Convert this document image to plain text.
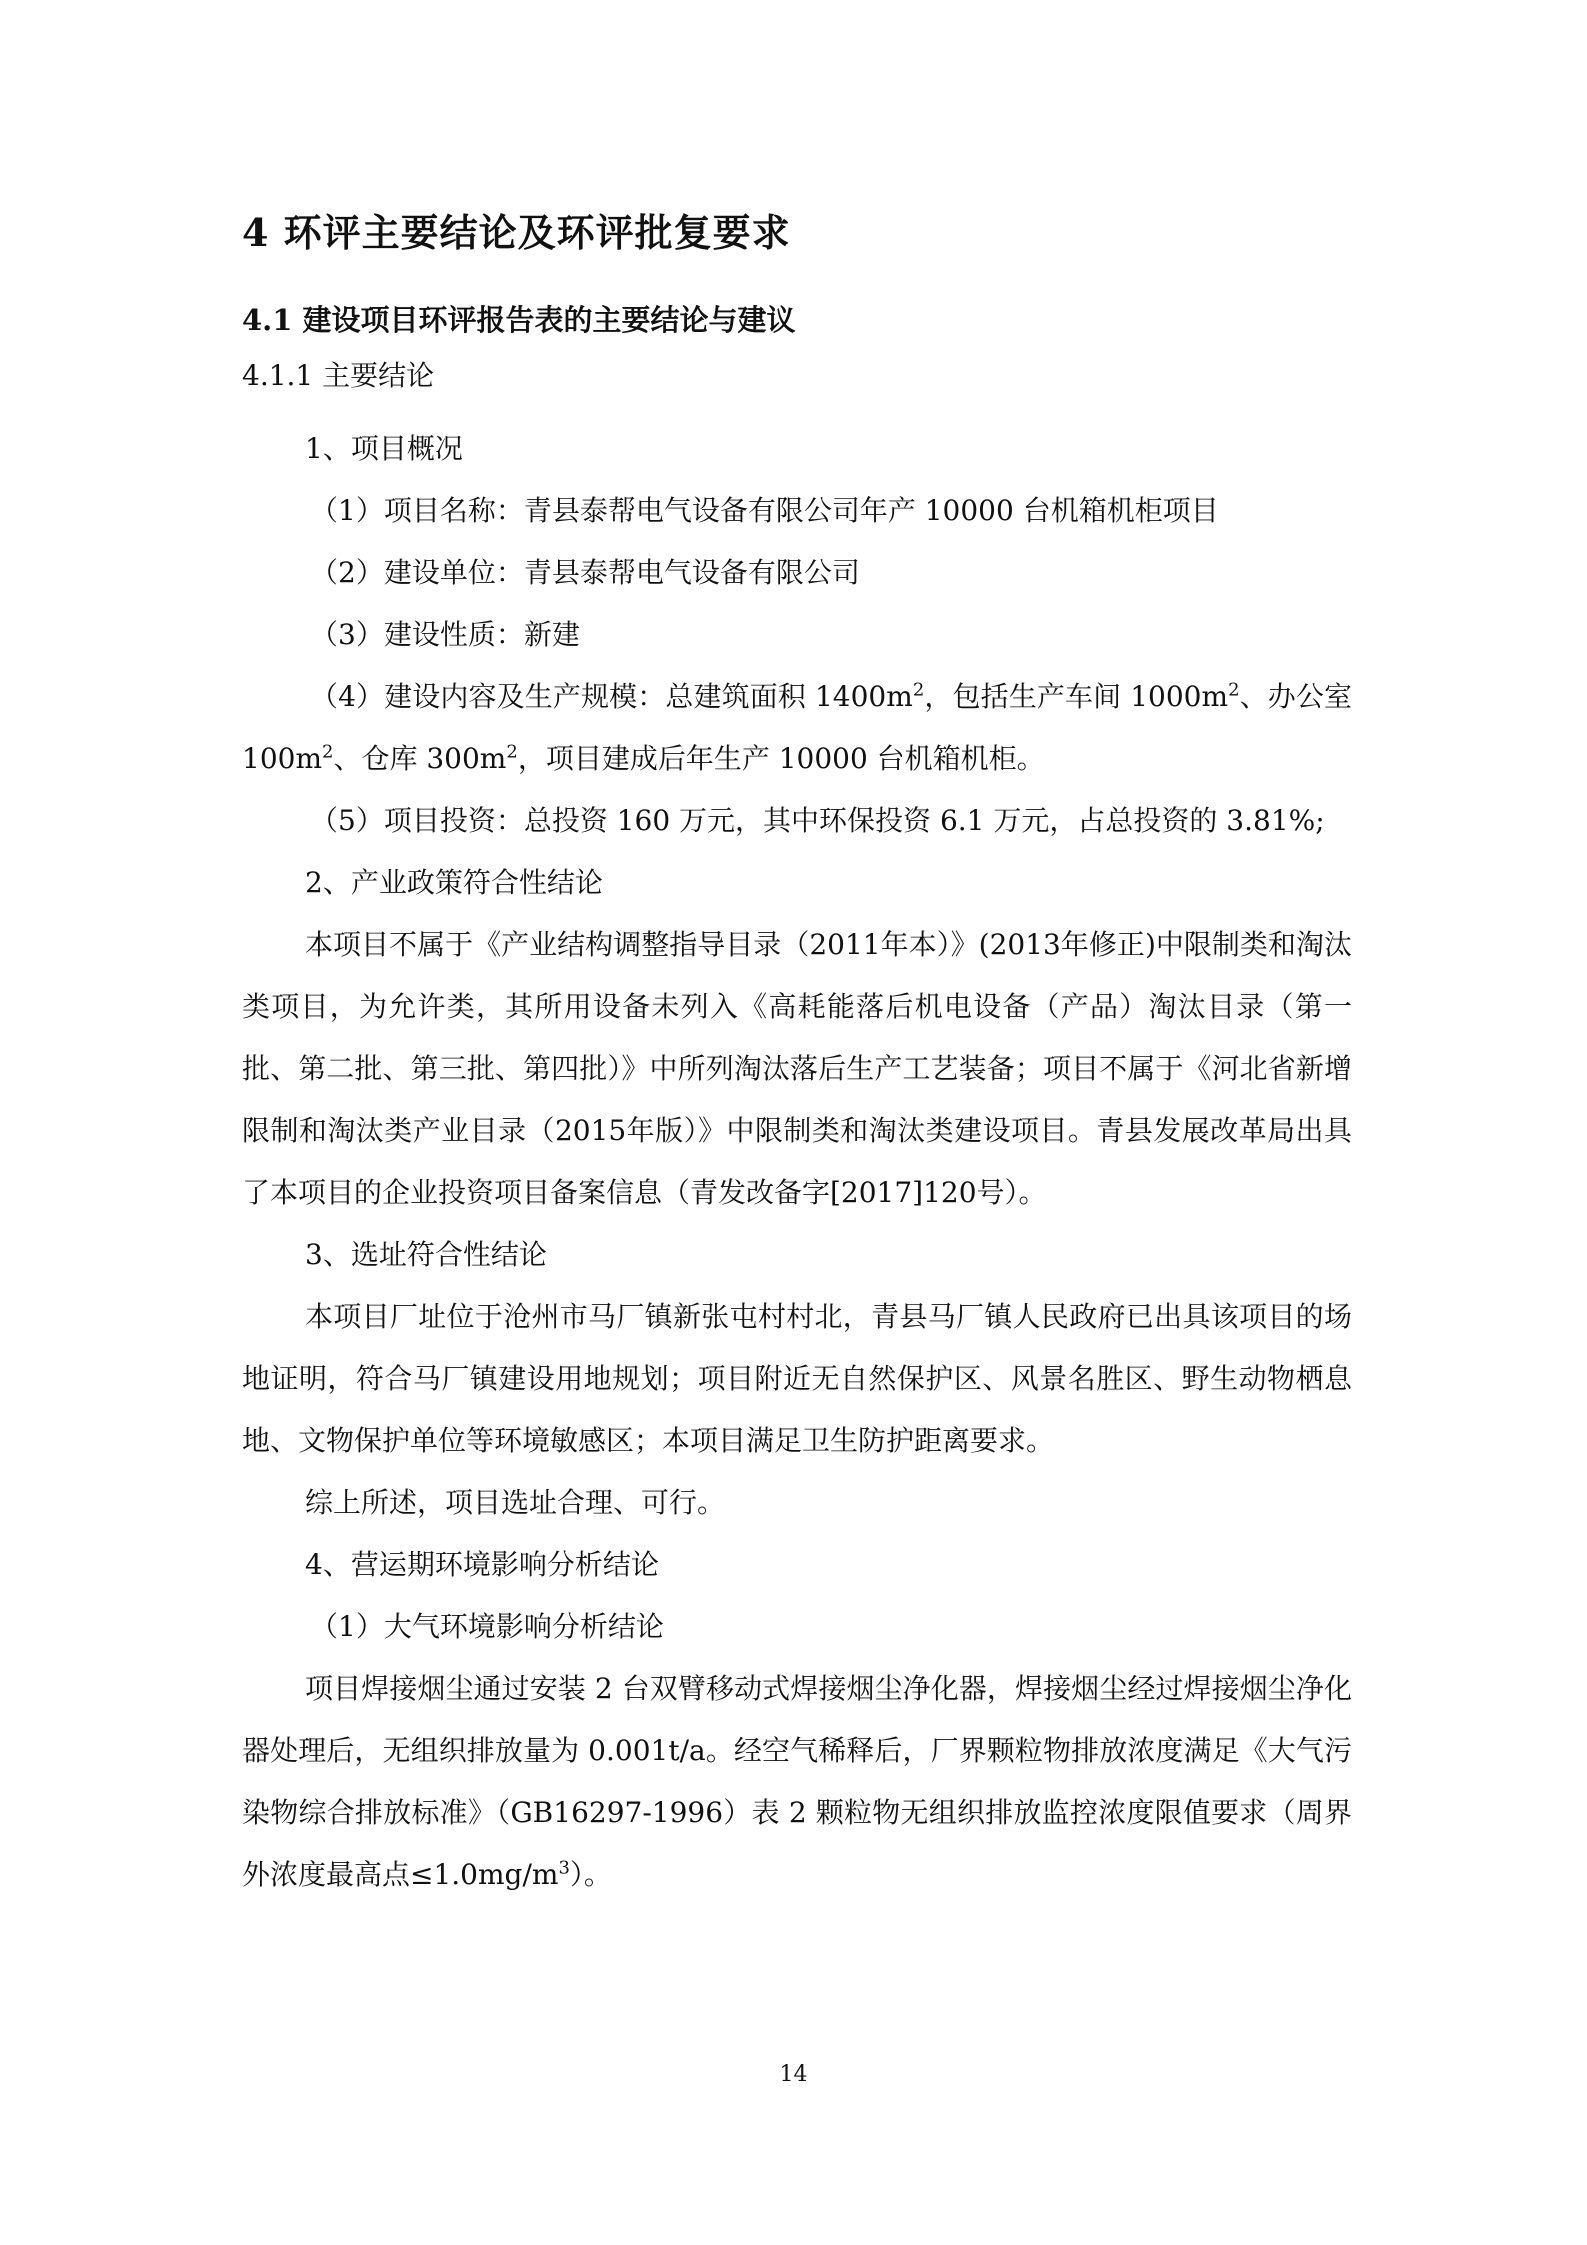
4 环评主要结论及环评批复要求
4.1 建设项目环评报告表的主要结论与建议
4.1.1 主要结论

1、项目概况

（1）项目名称：青县泰帮电气设备有限公司年产 10000 台机箱机柜项目

（2）建设单位：青县泰帮电气设备有限公司

（3）建设性质：新建

（4）建设内容及生产规模：总建筑面积 $1400m^2$，包括生产车间 $1000m^2$、办公室 $100m^2$、仓库 $300m^2$，项目建成后年生产 10000 台机箱机柜。

（5）项目投资：总投资 160 万元，其中环保投资 6.1 万元，占总投资的 3.81%;

2、产业政策符合性结论

本项目不属于《产业结构调整指导目录（2011年本）》(2013年修正)中限制类和淘汰类项目，为允许类，其所用设备未列入《高耗能落后机电设备（产品）淘汰目录（第一批、第二批、第三批、第四批）》中所列淘汰落后生产工艺装备；项目不属于《河北省新增限制和淘汰类产业目录（2015年版）》中限制类和淘汰类建设项目。青县发展改革局出具了本项目的企业投资项目备案信息（青发改备字[2017]120号）。

3、选址符合性结论

本项目厂址位于沧州市马厂镇新张屯村村北，青县马厂镇人民政府已出具该项目的场地证明，符合马厂镇建设用地规划；项目附近无自然保护区、风景名胜区、野生动物栖息地、文物保护单位等环境敏感区；本项目满足卫生防护距离要求。

综上所述，项目选址合理、可行。

4、营运期环境影响分析结论

（1）大气环境影响分析结论

项目焊接烟尘通过安装 2 台双臂移动式焊接烟尘净化器，焊接烟尘经过焊接烟尘净化器处理后，无组织排放量为 0.001t/a。经空气稀释后，厂界颗粒物排放浓度满足《大气污染物综合排放标准》（GB16297-1996）表 2 颗粒物无组织排放监控浓度限值要求（周界外浓度最高点$\le 1.0mg/m^3$）。

14
